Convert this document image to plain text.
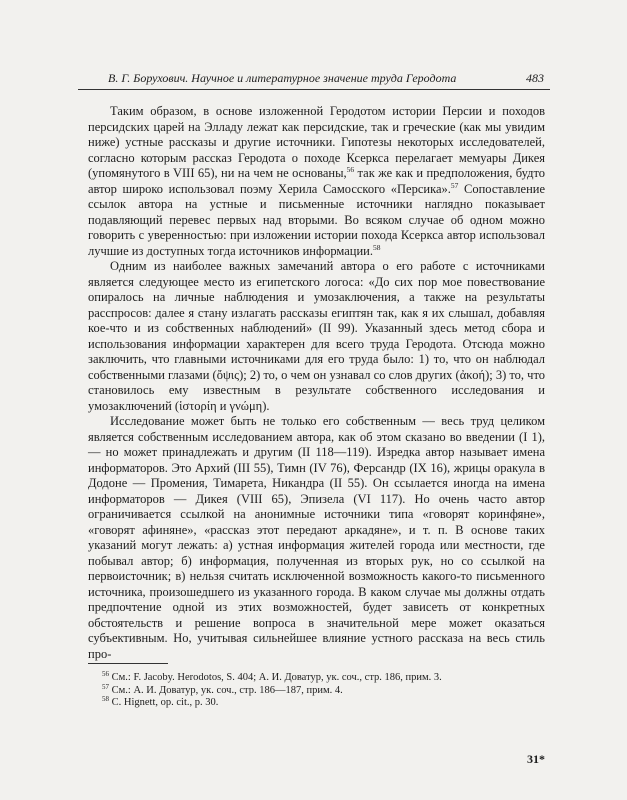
В. Г. Борухович. Научное и литературное значение труда Геродота	483

Таким образом, в основе изложенной Геродотом истории Персии и походов персидских царей на Элладу лежат как персидские, так и греческие (как мы увидим ниже) устные рассказы и другие источники. Гипотезы некоторых исследователей, согласно которым рассказ Геродота о походе Ксеркса перелагает мемуары Дикея (упомянутого в VIII 65), ни на чем не основаны,$^{56}$ так же как и предположения, будто автор широко использовал поэму Херила Самосского «Персика».$^{57}$ Сопоставление ссылок автора на устные и письменные источники наглядно показывает подавляющий перевес первых над вторыми. Во всяком случае об одном можно говорить с уверенностью: при изложении истории похода Ксеркса автор использовал лучшие из доступных тогда источников информации.$^{58}$

Одним из наиболее важных замечаний автора о его работе с источниками является следующее место из египетского логоса: «До сих пор мое повествование опиралось на личные наблюдения и умозаключения, а также на результаты расспросов: далее я стану излагать рассказы египтян так, как я их слышал, добавляя кое-что и из собственных наблюдений» (II 99). Указанный здесь метод сбора и использования информации характерен для всего труда Геродота. Отсюда можно заключить, что главными источниками для его труда было: 1) то, что он наблюдал собственными глазами (ὄψις); 2) то, о чем он узнавал со слов других (ἀκοή); 3) то, что становилось ему известным в результате собственного исследования и умозаключений (ἱστορίη и γνώμη).

Исследование может быть не только его собственным — весь труд целиком является собственным исследованием автора, как об этом сказано во введении (I 1), — но может принадлежать и другим (II 118—119). Изредка автор называет имена информаторов. Это Архий (III 55), Тимн (IV 76), Ферсандр (IX 16), жрицы оракула в Додоне — Промения, Тимарета, Никандра (II 55). Он ссылается иногда на имена информаторов — Дикея (VIII 65), Эпизела (VI 117). Но очень часто автор ограничивается ссылкой на анонимные источники типа «говорят коринфяне», «говорят афиняне», «рассказ этот передают аркадяне», и т. п. В основе таких указаний могут лежать: а) устная информация жителей города или местности, где побывал автор; б) информация, полученная из вторых рук, но со ссылкой на первоисточник; в) нельзя считать исключенной возможность какого-то письменного источника, произошедшего из указанного города. В каком случае мы должны отдать предпочтение одной из этих возможностей, будет зависеть от конкретных обстоятельств и решение вопроса в значительной мере может оказаться субъективным. Но, учитывая сильнейшее влияние устного рассказа на весь стиль про-

$^{56}$ См.: F. Jacoby. Herodotos, S. 404; А. И. Доватур, ук. соч., стр. 186, прим. 3.

$^{57}$ См.: А. И. Доватур, ук. соч., стр. 186—187, прим. 4.

$^{58}$ C. Hignett, op. cit., p. 30.

31*
